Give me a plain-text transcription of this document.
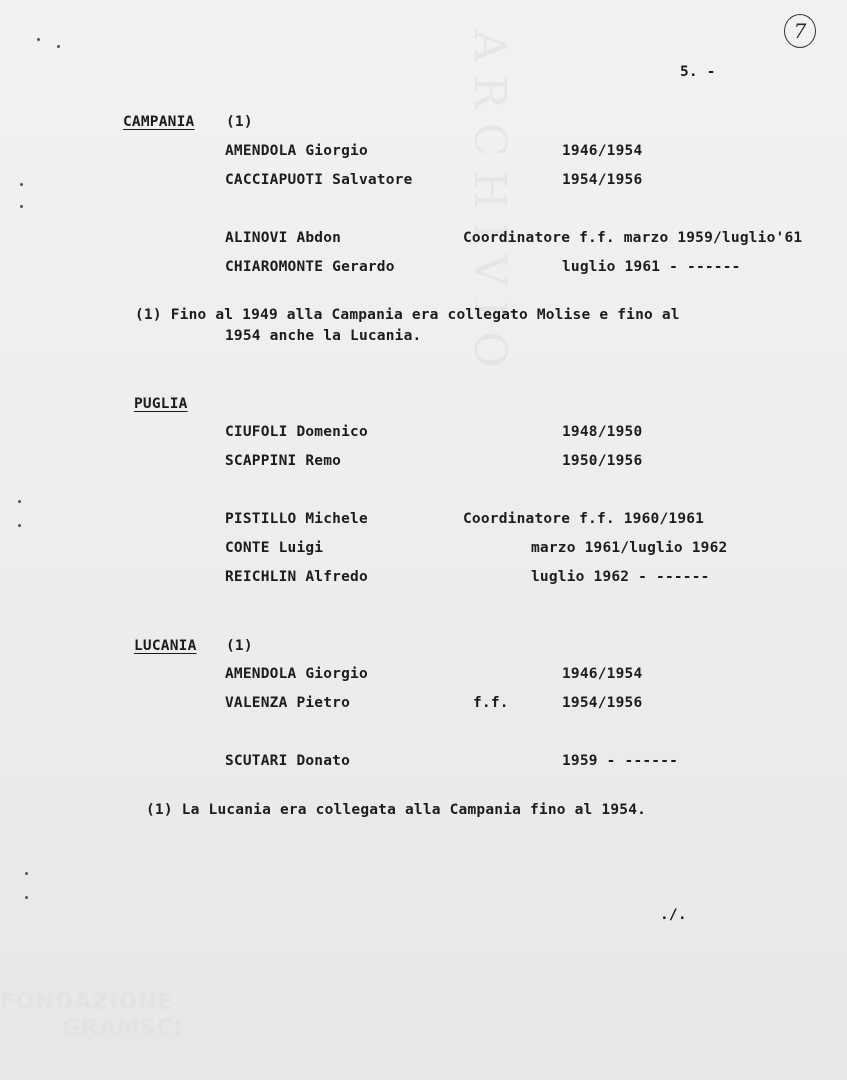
ARCHIVIO	7
5. -
CAMPANIA (1)
AMENDOLA Giorgio	1946/1954
CACCIAPUOTI Salvatore	1954/1956
ALINOVI Abdon	Coordinatore f.f. marzo 1959/luglio'61
CHIAROMONTE Gerardo	luglio 1961 - ------
(1) Fino al 1949 alla Campania era collegato Molise e fino al
1954 anche la Lucania.
PUGLIA
CIUFOLI Domenico	1948/1950
SCAPPINI Remo	1950/1956
PISTILLO Michele	Coordinatore f.f. 1960/1961
CONTE Luigi	marzo 1961/luglio 1962
REICHLIN Alfredo	luglio 1962 - ------
LUCANIA (1)
AMENDOLA Giorgio	1946/1954
VALENZA Pietro	f.f.	1954/1956
SCUTARI Donato	1959 - ------
(1) La Lucania era collegata alla Campania fino al 1954.
./.
FONDAZIONE
GRAMSCI
